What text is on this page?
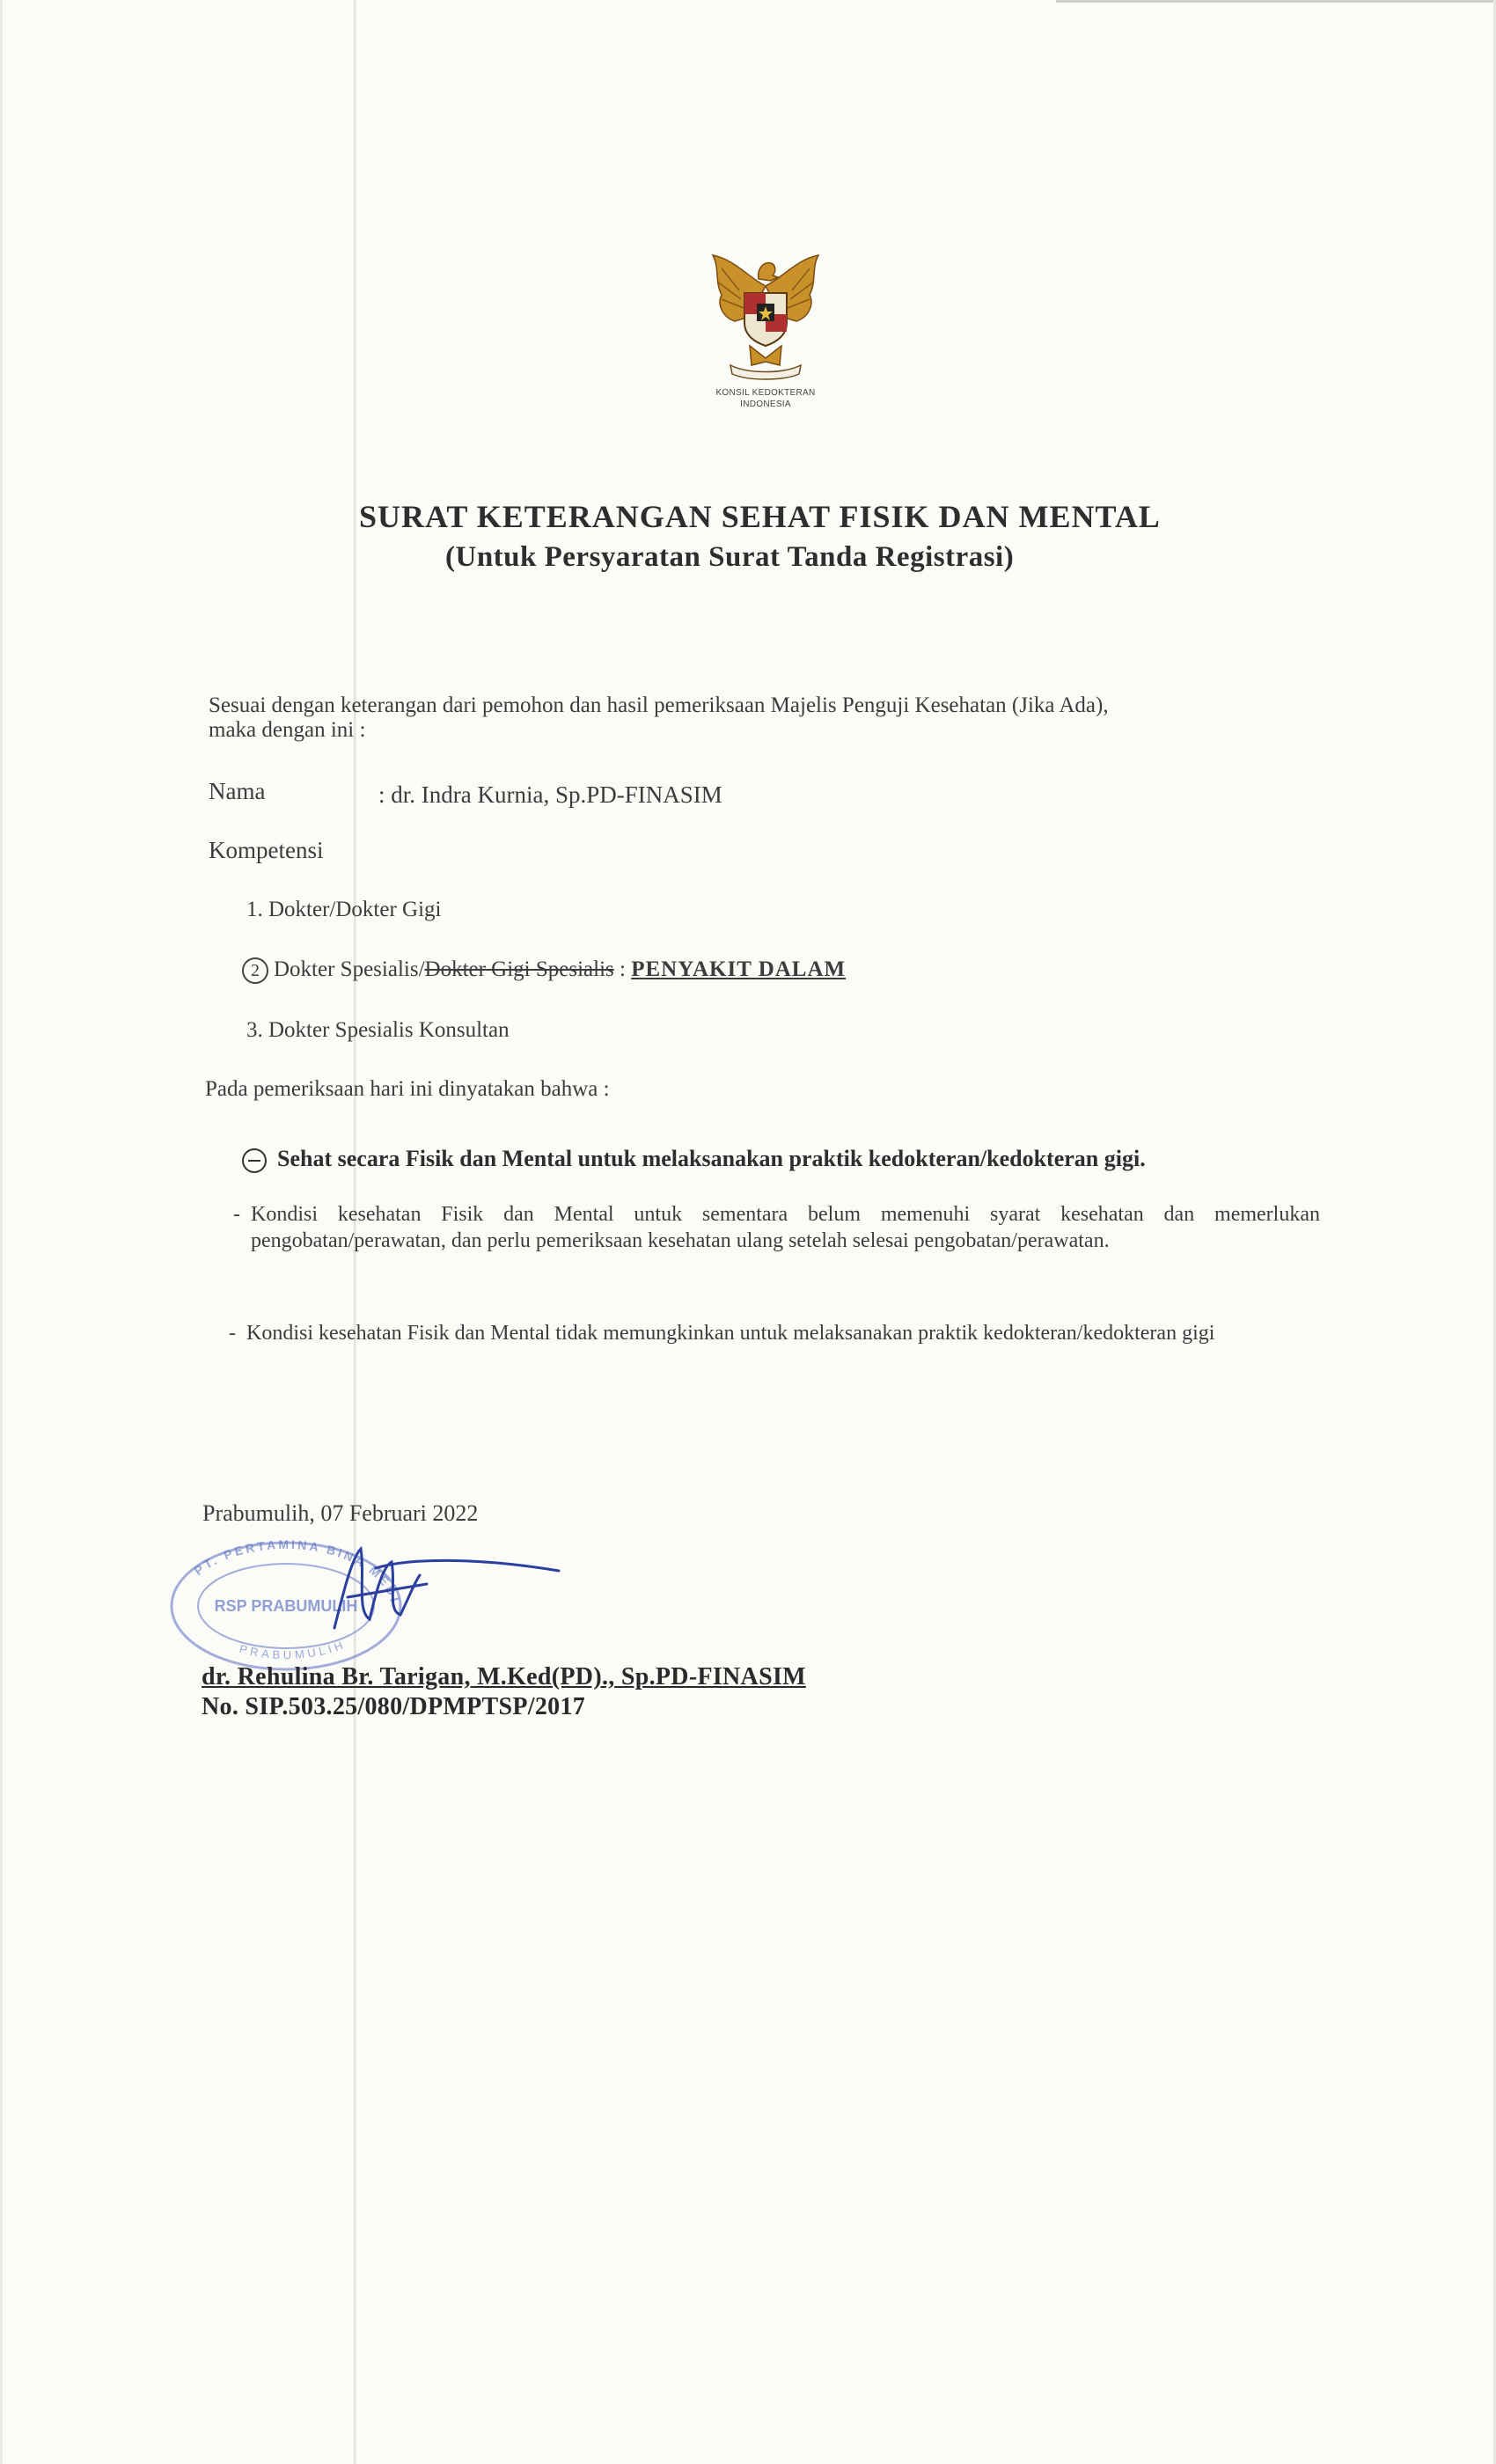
KONSIL KEDOKTERAN
INDONESIA
SURAT KETERANGAN SEHAT FISIK DAN MENTAL
(Untuk Persyaratan Surat Tanda Registrasi)
Sesuai dengan keterangan dari pemohon dan hasil pemeriksaan Majelis Penguji Kesehatan (Jika Ada),
maka dengan ini :
Nama	: dr. Indra Kurnia, Sp.PD-FINASIM
Kompetensi
1. Dokter/Dokter Gigi
2 Dokter Spesialis/Dokter Gigi Spesialis : PENYAKIT DALAM
3. Dokter Spesialis Konsultan
Pada pemeriksaan hari ini dinyatakan bahwa :
Sehat secara Fisik dan Mental untuk melaksanakan praktik kedokteran/kedokteran gigi.
- Kondisi kesehatan Fisik dan Mental untuk sementara belum memenuhi syarat kesehatan dan memerlukan pengobatan/perawatan, dan perlu pemeriksaan kesehatan ulang setelah selesai pengobatan/perawatan.
- Kondisi kesehatan Fisik dan Mental tidak memungkinkan untuk melaksanakan praktik kedokteran/kedokteran gigi
Prabumulih, 07 Februari 2022
PT. PERTAMINA BINA MEDI
RSP PRABUMULIH
PRABUMULIH
dr. Rehulina Br. Tarigan, M.Ked(PD)., Sp.PD-FINASIM
No. SIP.503.25/080/DPMPTSP/2017
